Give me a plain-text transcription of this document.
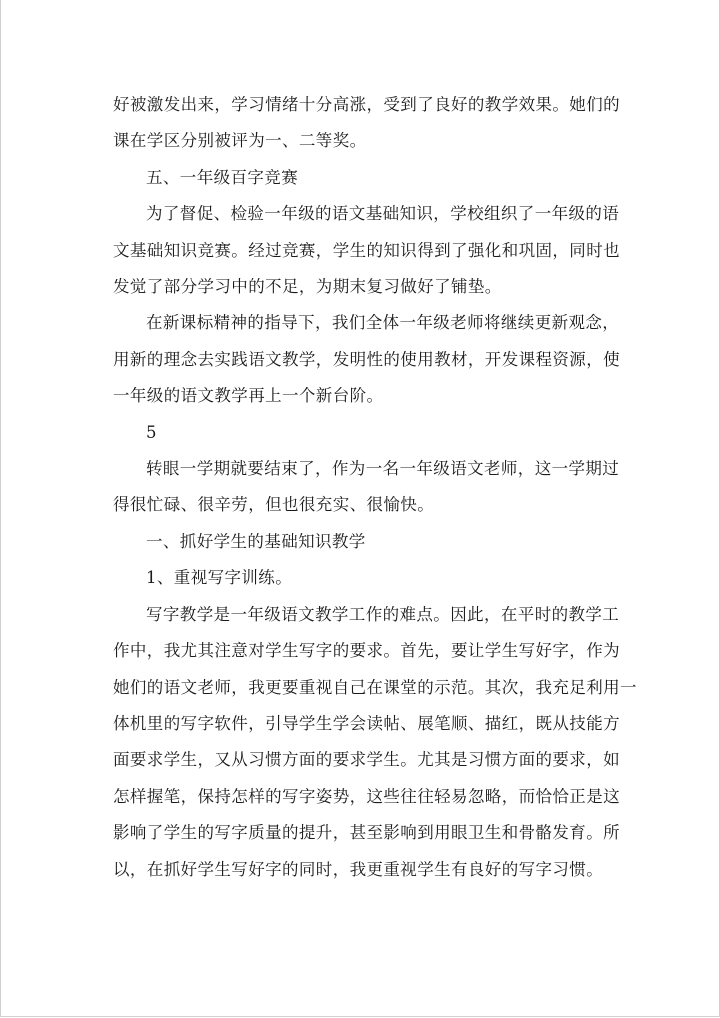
好被激发出来，学习情绪十分高涨，受到了良好的教学效果。她们的

课在学区分别被评为一、二等奖。

五、一年级百字竞赛

为了督促、检验一年级的语文基础知识，学校组织了一年级的语

文基础知识竞赛。经过竞赛，学生的知识得到了强化和巩固，同时也

发觉了部分学习中的不足，为期末复习做好了铺垫。

在新课标精神的指导下，我们全体一年级老师将继续更新观念，

用新的理念去实践语文教学，发明性的使用教材，开发课程资源，使

一年级的语文教学再上一个新台阶。

5

转眼一学期就要结束了，作为一名一年级语文老师，这一学期过

得很忙碌、很辛劳，但也很充实、很愉快。

一、抓好学生的基础知识教学

1、重视写字训练。

写字教学是一年级语文教学工作的难点。因此，在平时的教学工

作中，我尤其注意对学生写字的要求。首先，要让学生写好字，作为

她们的语文老师，我更要重视自己在课堂的示范。其次，我充足利用一

体机里的写字软件，引导学生学会读帖、展笔顺、描红，既从技能方

面要求学生，又从习惯方面的要求学生。尤其是习惯方面的要求，如

怎样握笔，保持怎样的写字姿势，这些往往轻易忽略，而恰恰正是这

影响了学生的写字质量的提升，甚至影响到用眼卫生和骨骼发育。所

以，在抓好学生写好字的同时，我更重视学生有良好的写字习惯。
